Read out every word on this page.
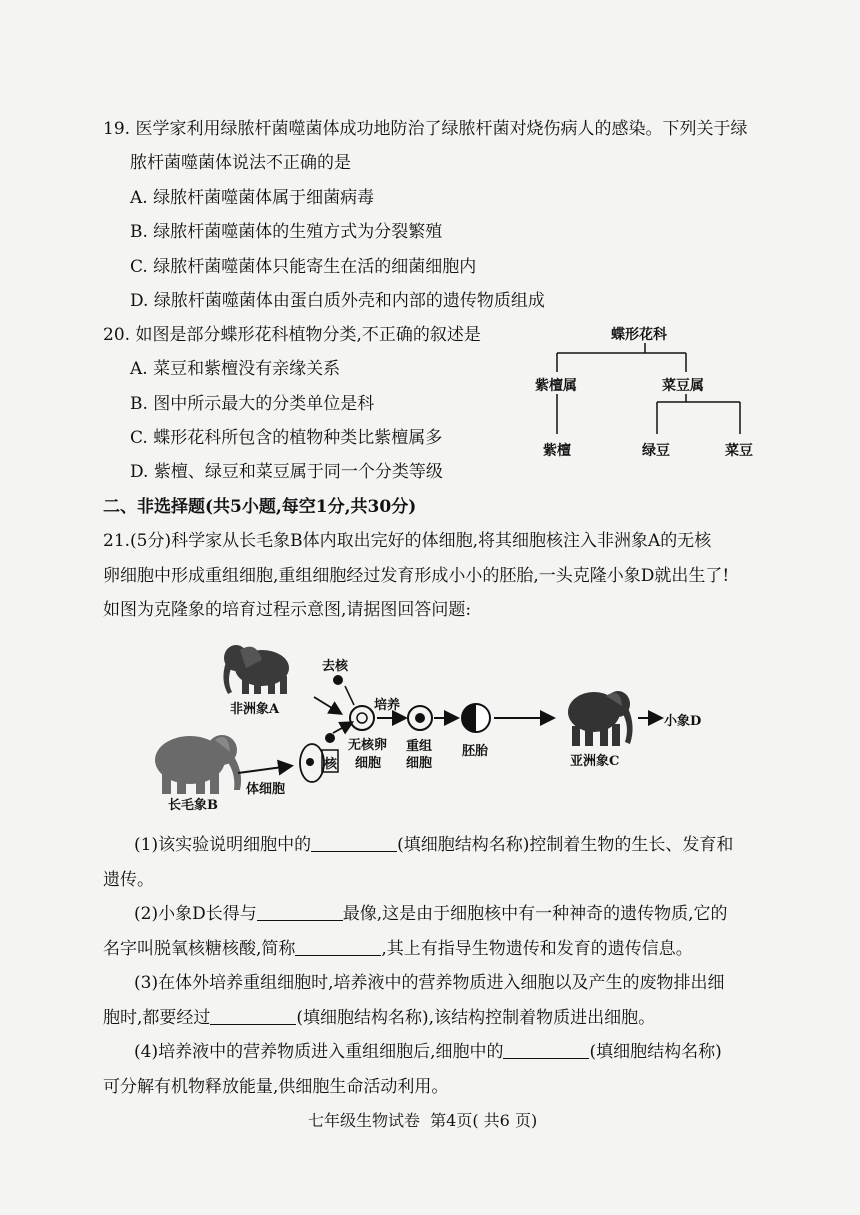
19. 医学家利用绿脓杆菌噬菌体成功地防治了绿脓杆菌对烧伤病人的感染。下列关于绿
脓杆菌噬菌体说法不正确的是
A. 绿脓杆菌噬菌体属于细菌病毒
B. 绿脓杆菌噬菌体的生殖方式为分裂繁殖
C. 绿脓杆菌噬菌体只能寄生在活的细菌细胞内
D. 绿脓杆菌噬菌体由蛋白质外壳和内部的遗传物质组成
20. 如图是部分蝶形花科植物分类,不正确的叙述是
A. 菜豆和紫檀没有亲缘关系
B. 图中所示最大的分类单位是科
C. 蝶形花科所包含的植物种类比紫檀属多
D. 紫檀、绿豆和菜豆属于同一个分类等级
蝶形花科
紫檀属	菜豆属
紫檀	绿豆	菜豆
二、非选择题(共5小题,每空1分,共30分)
21.(5分)科学家从长毛象B体内取出完好的体细胞,将其细胞核注入非洲象A的无核
卵细胞中形成重组细胞,重组细胞经过发育形成小小的胚胎,一头克隆小象D就出生了!
如图为克隆象的培育过程示意图,请据图回答问题:
去核
非洲象A	培养
无核卵
细胞
核
重组
细胞
胚胎
亚洲象C
小象D
体细胞
长毛象B
(1)该实验说明细胞中的	(填细胞结构名称)控制着生物的生长、发育和
遗传。
(2)小象D长得与	最像,这是由于细胞核中有一种神奇的遗传物质,它的
名字叫脱氧核糖核酸,简称	,其上有指导生物遗传和发育的遗传信息。
(3)在体外培养重组细胞时,培养液中的营养物质进入细胞以及产生的废物排出细
胞时,都要经过	(填细胞结构名称),该结构控制着物质进出细胞。
(4)培养液中的营养物质进入重组细胞后,细胞中的	(填细胞结构名称)
可分解有机物释放能量,供细胞生命活动利用。
七年级生物试卷  第4页( 共6 页)
